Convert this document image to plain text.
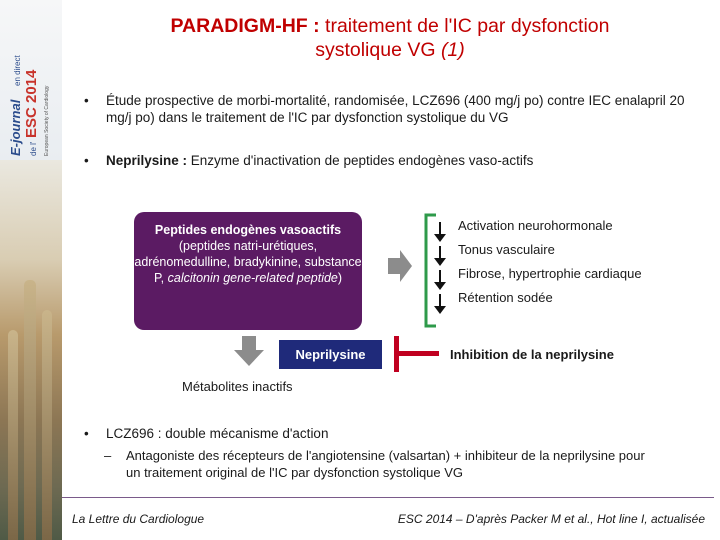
E-journal
en direct
de l'
ESC 2014 European Society of Cardiology
PARADIGM-HF : traitement de l'IC par dysfonction
systolique VG (1)
• Étude prospective de morbi-mortalité, randomisée, LCZ696 (400 mg/j po) contre IEC enalapril 20 mg/j po) dans le traitement de l'IC par dysfonction systolique du VG
• Neprilysine : Enzyme d'inactivation de peptides endogènes vaso-actifs
Peptides endogènes vasoactifs
(peptides natri-urétiques, adrénomedulline, bradykinine, substance P, calcitonin gene-related peptide)
Neprilysine
Activation neurohormonale
Tonus vasculaire
Fibrose, hypertrophie cardiaque
Rétention sodée
Inhibition de la neprilysine
Métabolites inactifs
• LCZ696 : double mécanisme d'action
– Antagoniste des récepteurs de l'angiotensine (valsartan) + inhibiteur de la neprilysine pour un traitement original de l'IC par dysfonction systolique VG
La Lettre du Cardiologue	ESC 2014 – D'après Packer M et al., Hot line I, actualisée
